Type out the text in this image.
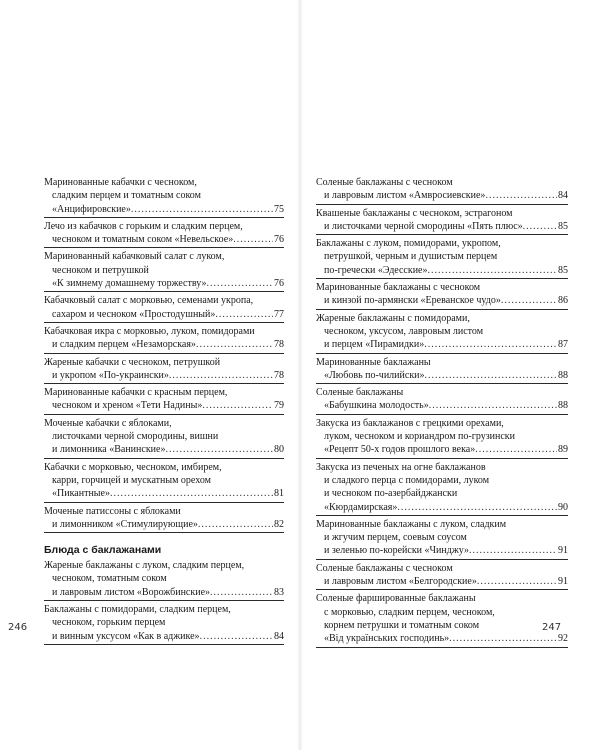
Маринованные кабачки с чесноком,
сладким перцем и томатным соком
«Анцифировские» .....	75
Лечо из кабачков с горьким и сладким перцем,
чесноком и томатным соком «Невельское» .....	76
Маринованный кабачковый салат с луком,
чесноком и петрушкой
«К зимнему домашнему торжеству» .....	76
Кабачковый салат с морковью, семенами укропа,
сахаром и чесноком «Простодушный» .....	77
Кабачковая икра с морковью, луком, помидорами
и сладким перцем «Незаморская» .....	78
Жареные кабачки с чесноком, петрушкой
и укропом «По-украински» .....	78
Маринованные кабачки с красным перцем,
чесноком и хреном «Тети Надины» .....	79
Моченые кабачки с яблоками,
листочками черной смородины, вишни
и лимонника «Ванинские» .....	80
Кабачки с морковью, чесноком, имбирем,
карри, горчицей и мускатным орехом
«Пикантные» .....	81
Моченые патиссоны с яблоками
и лимонником «Стимулирующие» .....	82
Блюда с баклажанами
Жареные баклажаны с луком, сладким перцем,
чесноком, томатным соком
и лавровым листом «Ворожбинские» .....	83
Баклажаны с помидорами, сладким перцем,
чесноком, горьким перцем
и винным уксусом «Как в аджике» .....	84
Соленые баклажаны с чесноком
и лавровым листом «Амвросиевские» .....	84
Квашеные баклажаны с чесноком, эстрагоном
и листочками черной смородины «Пять плюс» .....	85
Баклажаны с луком, помидорами, укропом,
петрушкой, черным и душистым перцем
по-гречески «Эдесские» .....	85
Маринованные баклажаны с чесноком
и кинзой по-армянски «Ереванское чудо» .....	86
Жареные баклажаны с помидорами,
чесноком, уксусом, лавровым листом
и перцем «Пирамидки» .....	87
Маринованные баклажаны
«Любовь по-чилийски» .....	88
Соленые баклажаны
«Бабушкина молодость» .....	88
Закуска из баклажанов с грецкими орехами,
луком, чесноком и кориандром по-грузински
«Рецепт 50-х годов прошлого века» .....	89
Закуска из печеных на огне баклажанов
и сладкого перца с помидорами, луком
и чесноком по-азербайджански
«Кюрдамирская» .....	90
Маринованные баклажаны с луком, сладким
и жгучим перцем, соевым соусом
и зеленью по-корейски «Чинджу» .....	91
Соленые баклажаны с чесноком
и лавровым листом «Белгородские» .....	91
Соленые фаршированные баклажаны
с морковью, сладким перцем, чесноком,
корнем петрушки и томатным соком
«Від українських господинь» .....	92
246	247
